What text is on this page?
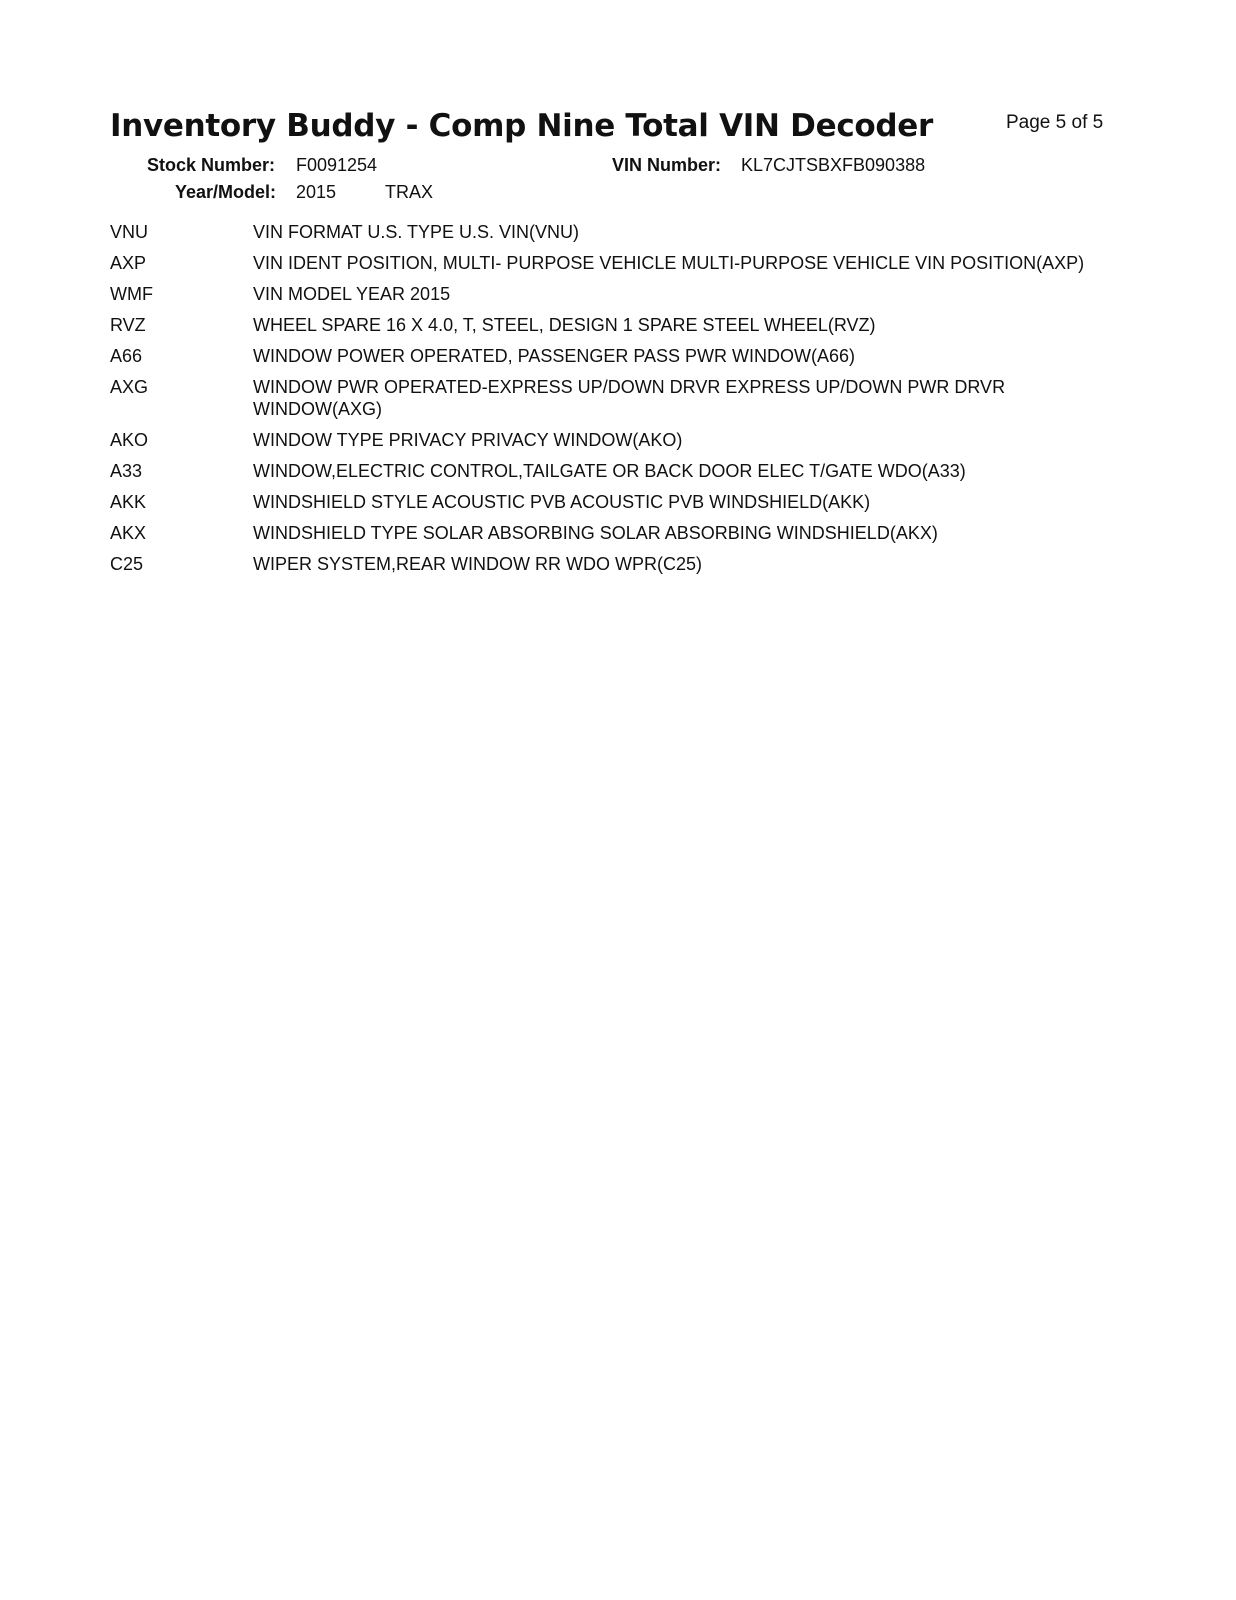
Inventory Buddy - Comp Nine Total VIN Decoder	Page 5 of 5
Stock Number: F0091254	VIN Number: KL7CJTSBXFB090388
Year/Model: 2015	TRAX
VNU	VIN FORMAT U.S. TYPE U.S. VIN(VNU)
AXP	VIN IDENT POSITION, MULTI- PURPOSE VEHICLE MULTI-PURPOSE VEHICLE VIN POSITION(AXP)
WMF	VIN MODEL YEAR 2015
RVZ	WHEEL SPARE 16 X 4.0, T, STEEL, DESIGN 1 SPARE STEEL WHEEL(RVZ)
A66	WINDOW POWER OPERATED, PASSENGER PASS PWR WINDOW(A66)
AXG	WINDOW PWR OPERATED-EXPRESS UP/DOWN DRVR EXPRESS UP/DOWN PWR DRVR WINDOW(AXG)
AKO	WINDOW TYPE PRIVACY PRIVACY WINDOW(AKO)
A33	WINDOW,ELECTRIC CONTROL,TAILGATE OR BACK DOOR ELEC T/GATE WDO(A33)
AKK	WINDSHIELD STYLE ACOUSTIC PVB ACOUSTIC PVB WINDSHIELD(AKK)
AKX	WINDSHIELD TYPE SOLAR ABSORBING SOLAR ABSORBING WINDSHIELD(AKX)
C25	WIPER SYSTEM,REAR WINDOW RR WDO WPR(C25)
